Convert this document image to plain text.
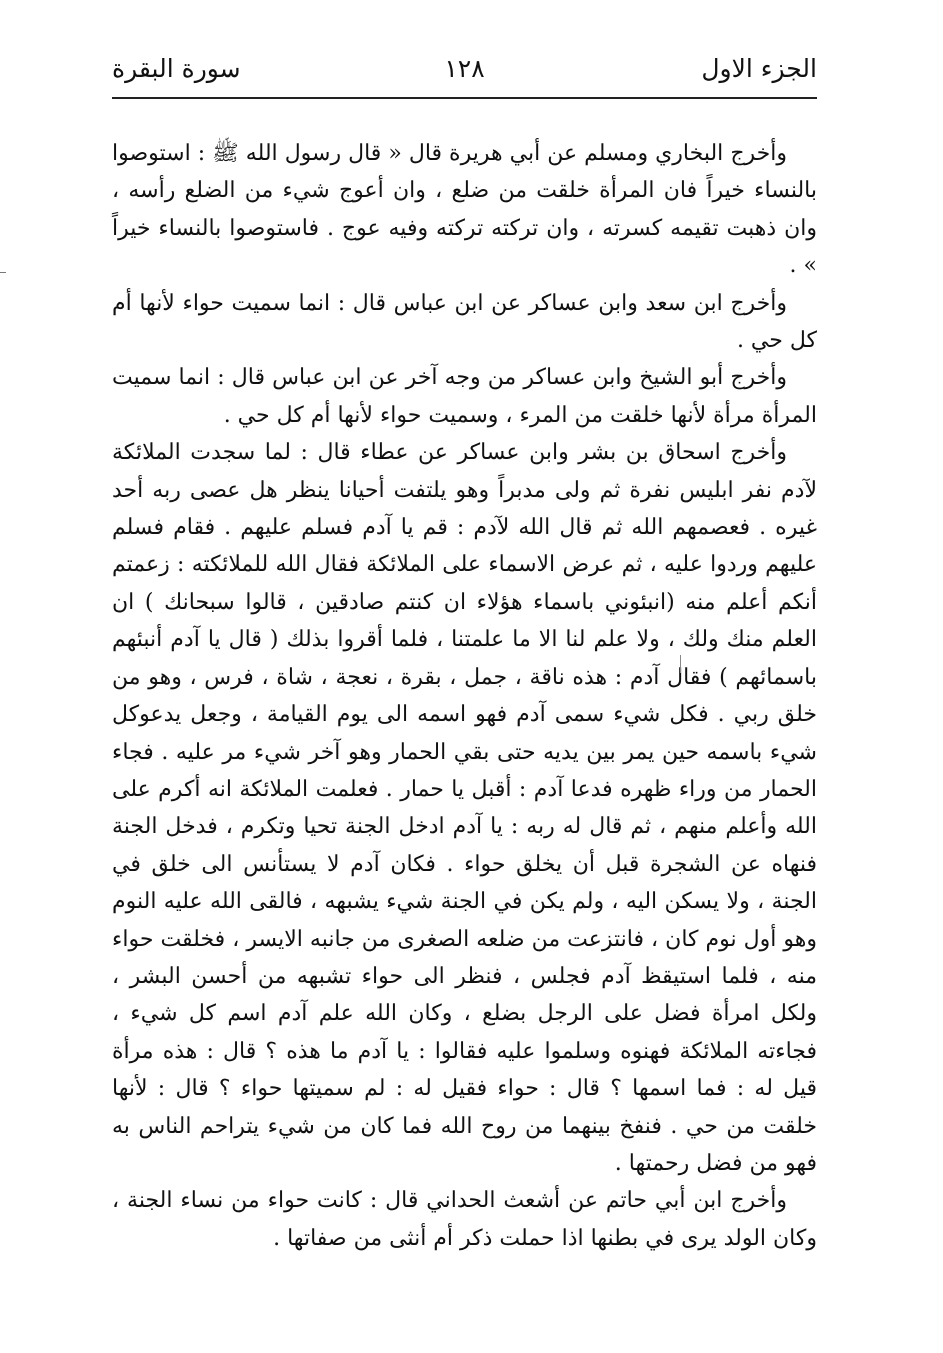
الجزء الاول
١٢٨
سورة البقرة

وأخرج البخاري ومسلم عن أبي هريرة قال « قال رسول الله ﷺ : استوصوا بالنساء خيراً فان المرأة خلقت من ضلع ، وان أعوج شيء من الضلع رأسه ، وان ذهبت تقيمه كسرته ، وان تركته تركته وفيه عوج . فاستوصوا بالنساء خيراً » .

وأخرج ابن سعد وابن عساكر عن ابن عباس قال : انما سميت حواء لأنها أم كل حي .

وأخرج أبو الشيخ وابن عساكر من وجه آخر عن ابن عباس قال : انما سميت المرأة مرأة لأنها خلقت من المرء ، وسميت حواء لأنها أم كل حي .

وأخرج اسحاق بن بشر وابن عساكر عن عطاء قال : لما سجدت الملائكة لآدم نفر ابليس نفرة ثم ولى مدبراً وهو يلتفت أحيانا ينظر هل عصى ربه أحد غيره . فعصمهم الله ثم قال الله لآدم : قم يا آدم فسلم عليهم . فقام فسلم عليهم وردوا عليه ، ثم عرض الاسماء على الملائكة فقال الله للملائكته : زعمتم أنكم أعلم منه (انبئوني باسماء هؤلاء ان كنتم صادقين ، قالوا سبحانك ) ان العلم منك ولك ، ولا علم لنا الا ما علمتنا ، فلما أقروا بذلك ( قال يا آدم أنبئهم باسمائهم ) فقال آدم : هذه ناقة ، جمل ، بقرة ، نعجة ، شاة ، فرس ، وهو من خلق ربي . فكل شيء سمى آدم فهو اسمه الى يوم القيامة ، وجعل يدعوكل شيء باسمه حين يمر بين يديه حتى بقي الحمار وهو آخر شيء مر عليه . فجاء الحمار من وراء ظهره فدعا آدم : أقبل يا حمار . فعلمت الملائكة انه أكرم على الله وأعلم منهم ، ثم قال له ربه : يا آدم ادخل الجنة تحيا وتكرم ، فدخل الجنة فنهاه عن الشجرة قبل أن يخلق حواء . فكان آدم لا يستأنس الى خلق في الجنة ، ولا يسكن اليه ، ولم يكن في الجنة شيء يشبهه ، فالقى الله عليه النوم وهو أول نوم كان ، فانتزعت من ضلعه الصغرى من جانبه الايسر ، فخلقت حواء منه ، فلما استيقظ آدم فجلس ، فنظر الى حواء تشبهه من أحسن البشر ، ولكل امرأة فضل على الرجل بضلع ، وكان الله علم آدم اسم كل شيء ، فجاءته الملائكة فهنوه وسلموا عليه فقالوا : يا آدم ما هذه ؟ قال : هذه مرأة قيل له : فما اسمها ؟ قال : حواء فقيل له : لم سميتها حواء ؟ قال : لأنها خلقت من حي . فنفخ بينهما من روح الله فما كان من شيء يتراحم الناس به فهو من فضل رحمتها .

وأخرج ابن أبي حاتم عن أشعث الحداني قال : كانت حواء من نساء الجنة ، وكان الولد يرى في بطنها اذا حملت ذكر أم أنثى من صفاتها .
